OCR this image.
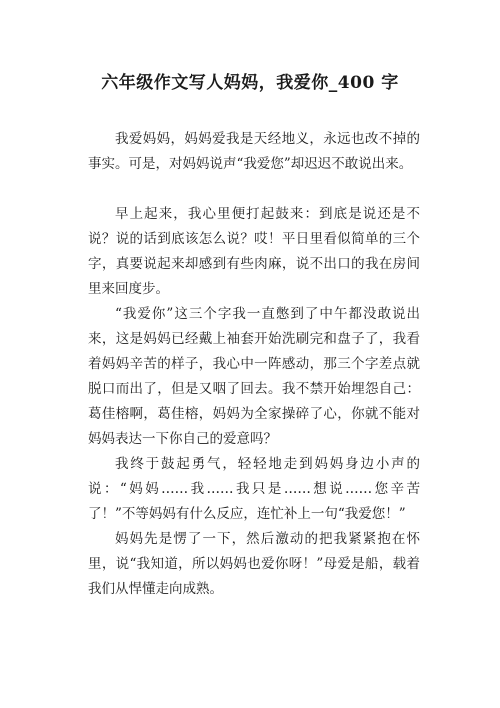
六年级作文写人妈妈，我爱你_400 字

我爱妈妈，妈妈爱我是天经地义，永远也改不掉的事实。可是，对妈妈说声“我爱您”却迟迟不敢说出来。

早上起来，我心里便打起鼓来：到底是说还是不说？说的话到底该怎么说？哎！平日里看似简单的三个字，真要说起来却感到有些肉麻，说不出口的我在房间里来回度步。

“我爱你”这三个字我一直憋到了中午都没敢说出来，这是妈妈已经戴上袖套开始洗刷完和盘子了，我看着妈妈辛苦的样子，我心中一阵感动，那三个字差点就脱口而出了，但是又咽了回去。我不禁开始埋怨自己：葛佳榕啊，葛佳榕，妈妈为全家操碎了心，你就不能对妈妈表达一下你自己的爱意吗？

我终于鼓起勇气，轻轻地走到妈妈身边小声的说：“妈妈……我……我只是……想说……您辛苦了！”不等妈妈有什么反应，连忙补上一句“我爱您！”

妈妈先是愣了一下，然后激动的把我紧紧抱在怀里，说“我知道，所以妈妈也爱你呀！”母爱是船，载着我们从悍懂走向成熟。
